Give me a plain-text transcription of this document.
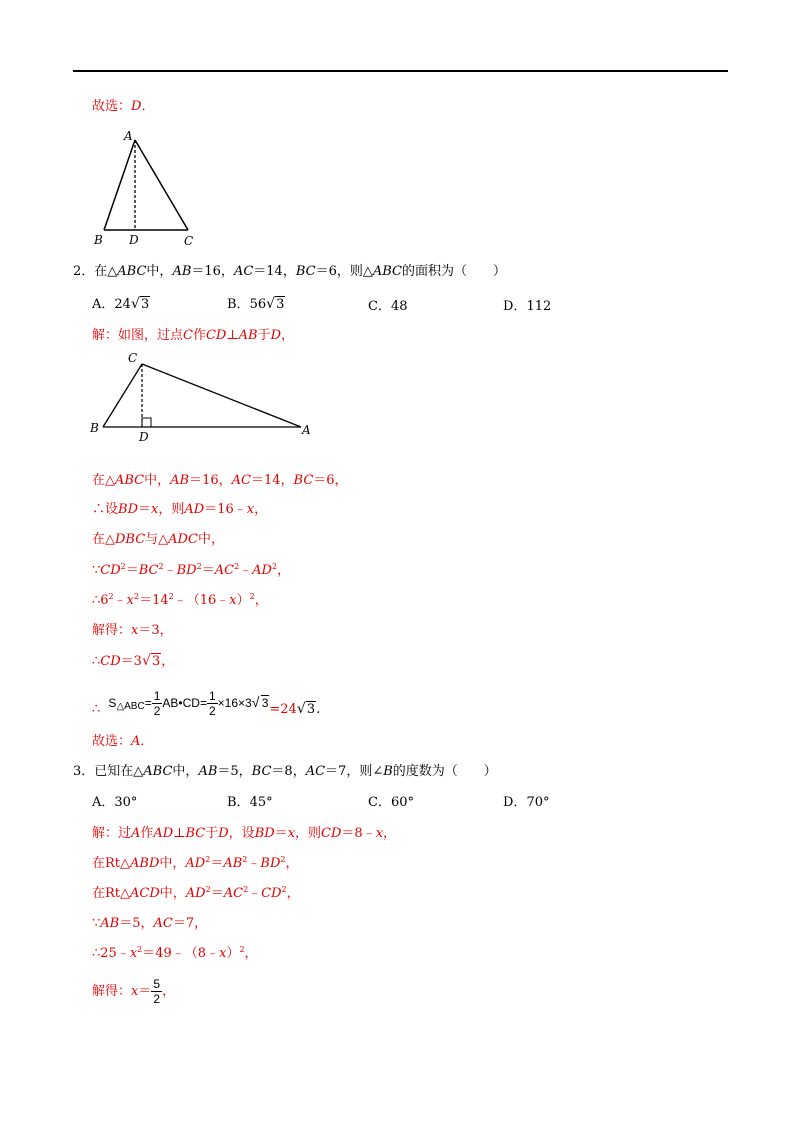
故选：D．
A
B D	C
2．在△ABC中，AB＝16，AC＝14，BC＝6，则△ABC的面积为（　　）
A．24√ 3	B．56√ 3	C．48	D．112
解：如图，过点C作CD⊥AB于D，
C
B
D	A
在△ABC中，AB＝16，AC＝14，BC＝6，
∴设BD＝x，则AD＝16﹣x，
在△DBC与△ADC中，
$\because CD^2=BC^2﹣BD^2=AC^2﹣AD^2$，
$\therefore 6^2﹣x^2=14^2﹣(16﹣x)^2$，
解得：x＝3，
∴CD＝3√ 3，
∴ S△ABC= $\frac{1}{2}$ AB•CD= $\frac{1}{2} \times 16\times 3√$ 3=24√ 3.
故选：A．
3．已知在△ABC中，AB＝5，BC＝8，AC＝7，则∠B的度数为（　　）
A．30°	B．45°	C．60°	D．70°
解：过A作AD⊥BC于D，设BD＝x，则CD＝8﹣x，
在Rt△ABD中，$AD^2=AB^2﹣BD^2$，
在Rt△ACD中，$AD^2=AC^2﹣CD^2$，
∵AB＝5，AC＝7，
$\therefore 25﹣x^2=49﹣(8﹣x)^2$，
解得：$x= \frac{5}{2}$ ，
